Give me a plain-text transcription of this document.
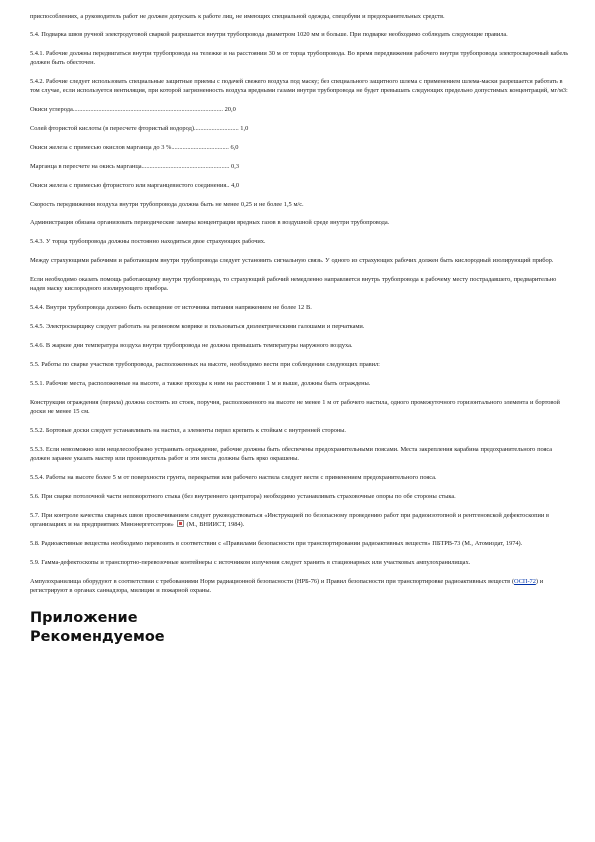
приспособлениях, а руководитель работ не должен допускать к работе лиц, не имеющих специальной одежды, спецобуви и предохранительных средств.

5.4. Подварка швов ручной электродуговой сваркой разрешается внутри трубопровода диаметром 1020 мм и больше. При подварке необходимо соблюдать следующие правила.

5.4.1. Рабочие должны передвигаться внутри трубопровода на тележке и на расстоянии 30 м от торца трубопровода. Во время передвижения рабочего внутри трубопровода электросварочный кабель должен быть обесточен.

5.4.2. Рабочие следует использовать специальные защитные приемы с подачей свежего воздуха под маску; без специального защитного шлема с применением шлема-маски разрешается работать в том случае, если используется вентиляция, при которой загрязненность воздуха вредными газами внутри трубопровода не будет превышать следующих предельно допустимых концентраций, мг/м3:

Окиси углерода.............................................................................................. 20,0
Солей фтористой кислоты (в пересчете фтористый водород)............................ 1,0
Окиси железа с примесью окислов марганца до 3 %.................................... 6,0
Марганца в пересчете на окись марганца....................................................... 0,3
Окиси железа с примесью фтористого или марганцевистого соединения.. 4,0

Скорость передвижения воздуха внутри трубопровода должна быть не менее 0,25 и не более 1,5 м/с.

Администрация обязана организовать периодические замеры концентрации вредных газов в воздушной среде внутри трубопровода.

5.4.3. У торца трубопровода должны постоянно находиться двое страхующих рабочих.

Между страхующими рабочими и работающим внутри трубопровода следует установить сигнальную связь. У одного из страхующих рабочих должен быть кислородный изолирующий прибор.

Если необходимо оказать помощь работающему внутри трубопровода, то страхующий рабочий немедленно направляется внутрь трубопровода к рабочему месту пострадавшего, предварительно надев маску кислородного изолирующего прибора.

5.4.4. Внутри трубопровода должно быть освещение от источника питания напряжением не более 12 В.

5.4.5. Электросварщику следует работать на резиновом коврике и пользоваться диэлектрическими галошами и перчатками.

5.4.6. В жаркие дни температура воздуха внутри трубопровода не должна превышать температуры наружного воздуха.

5.5. Работы по сварке участков трубопровода, расположенных на высоте, необходимо вести при соблюдении следующих правил:

5.5.1. Рабочие места, расположенные на высоте, а также проходы к ним на расстоянии 1 м и выше, должны быть ограждены.

Конструкция ограждения (перила) должна состоять из стоек, поручня, расположенного на высоте не менее 1 м от рабочего настила, одного промежуточного горизонтального элемента и бортовой доски не менее 15 см.

5.5.2. Бортовые доски следует устанавливать на настил, а элементы перил крепить к стойкам с внутренней стороны.

5.5.3. Если невозможно или нецелесообразно устраивать ограждение, рабочие должны быть обеспечены предохранительными поясами. Места закрепления карабина предохранительного пояса должен заранее указать мастер или производитель работ и эти места должны быть ярко окрашены.

5.5.4. Работы на высоте более 5 м от поверхности грунта, перекрытия или рабочего настила следует вести с применением предохранительного пояса.

5.6. При сварке потолочной части неповоротного стыка (без внутреннего центратора) необходимо устанавливать страховочные опоры по обе стороны стыка.

5.7. При контроле качества сварных швов просвечиванием следует руководствоваться «Инструкцией по безопасному проведению работ при радиоизотопной и рентгеновской дефектоскопии в организациях и на предприятиях Минэнергетсетроя» (М., ВНИИСТ, 1984).

5.8. Радиоактивные вещества необходимо перевозить в соответствии с «Правилами безопасности при транспортировании радиоактивных веществ» ПБТРВ-73 (М., Атомиздат, 1974).

5.9. Гамма-дефектоскопы и транспортно-перевозочные контейнеры с источником излучения следует хранить в стационарных или участковых ампулохранилищах.

Ампулохранилища оборудуют в соответствии с требованиями Норм радиационной безопасности (НРБ-76) и Правил безопасности при транспортировке радиоактивных веществ (ОСП-72) и регистрируют в органах саннадзора, милиции и пожарной охраны.

Приложение
Рекомендуемое
